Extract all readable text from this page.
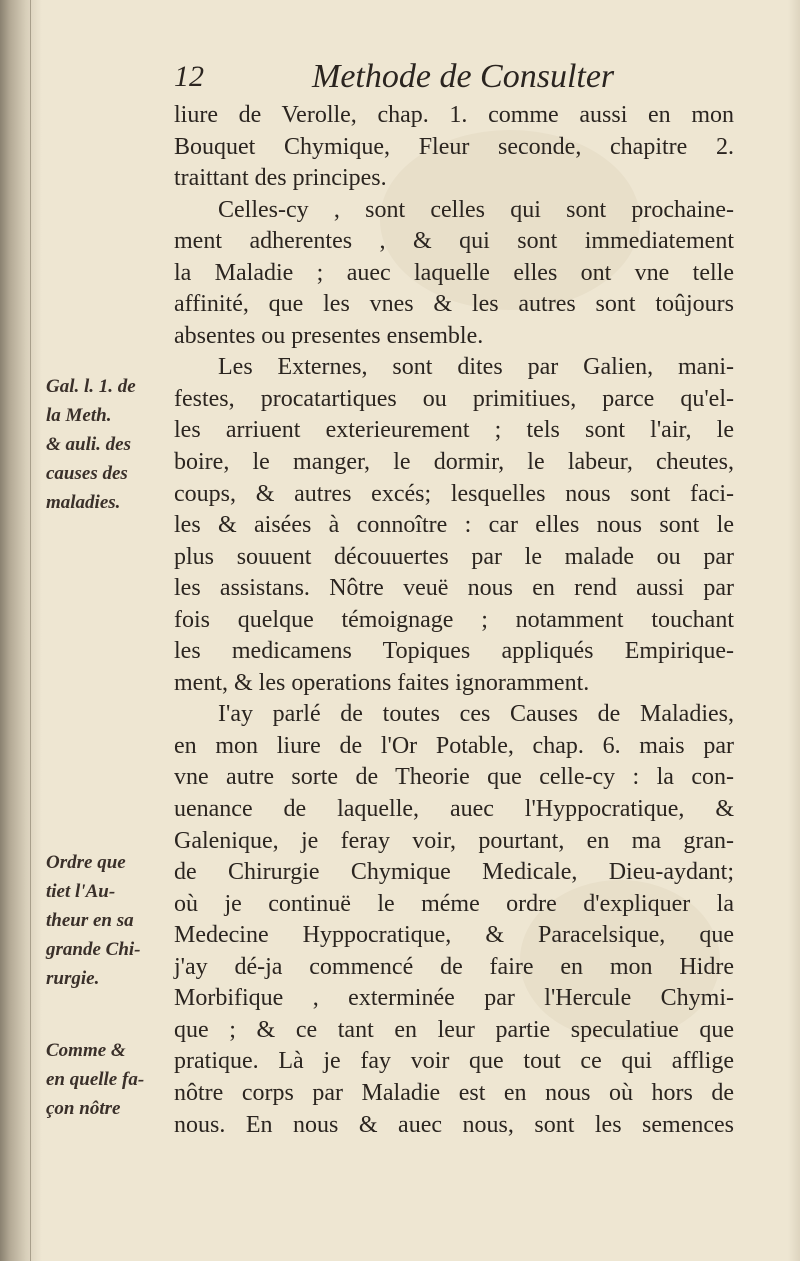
12	Methode de Consulter
liure de Verolle, chap. 1. comme aussi en mon
Bouquet Chymique, Fleur seconde, chapitre 2.
traittant des principes.
Celles-cy , sont celles qui sont prochaine-
ment adherentes , & qui sont immediatement
la Maladie ; auec laquelle elles ont vne telle
affinité, que les vnes & les autres sont toûjours
absentes ou presentes ensemble.
Les Externes, sont dites par Galien, mani-
festes, procatartiques ou primitiues, parce qu'el-
les arriuent exterieurement ; tels sont l'air, le
boire, le manger, le dormir, le labeur, cheutes,
coups, & autres excés; lesquelles nous sont faci-
les & aisées à connoître : car elles nous sont le
plus souuent découuertes par le malade ou par
les assistans. Nôtre veuë nous en rend aussi par
fois quelque témoignage ; notamment touchant
les medicamens Topiques appliqués Empirique-
ment, & les operations faites ignoramment.
I'ay parlé de toutes ces Causes de Maladies,
en mon liure de l'Or Potable, chap. 6. mais par
vne autre sorte de Theorie que celle-cy : la con-
uenance de laquelle, auec l'Hyppocratique, &
Galenique, je feray voir, pourtant, en ma gran-
de Chirurgie Chymique Medicale, Dieu-aydant;
où je continuë le méme ordre d'expliquer la
Medecine Hyppocratique, & Paracelsique, que
j'ay dé-ja commencé de faire en mon Hidre
Morbifique , exterminée par l'Hercule Chymi-
que ; & ce tant en leur partie speculatiue que
pratique. Là je fay voir que tout ce qui afflige
nôtre corps par Maladie est en nous où hors de
nous. En nous & auec nous, sont les semences
Gal. l. 1. de
la Meth.
& auli. des
causes des
maladies.
Ordre que
tiet l'Au-
theur en sa
grande Chi-
rurgie.
Comme &
en quelle fa-
çon nôtre
